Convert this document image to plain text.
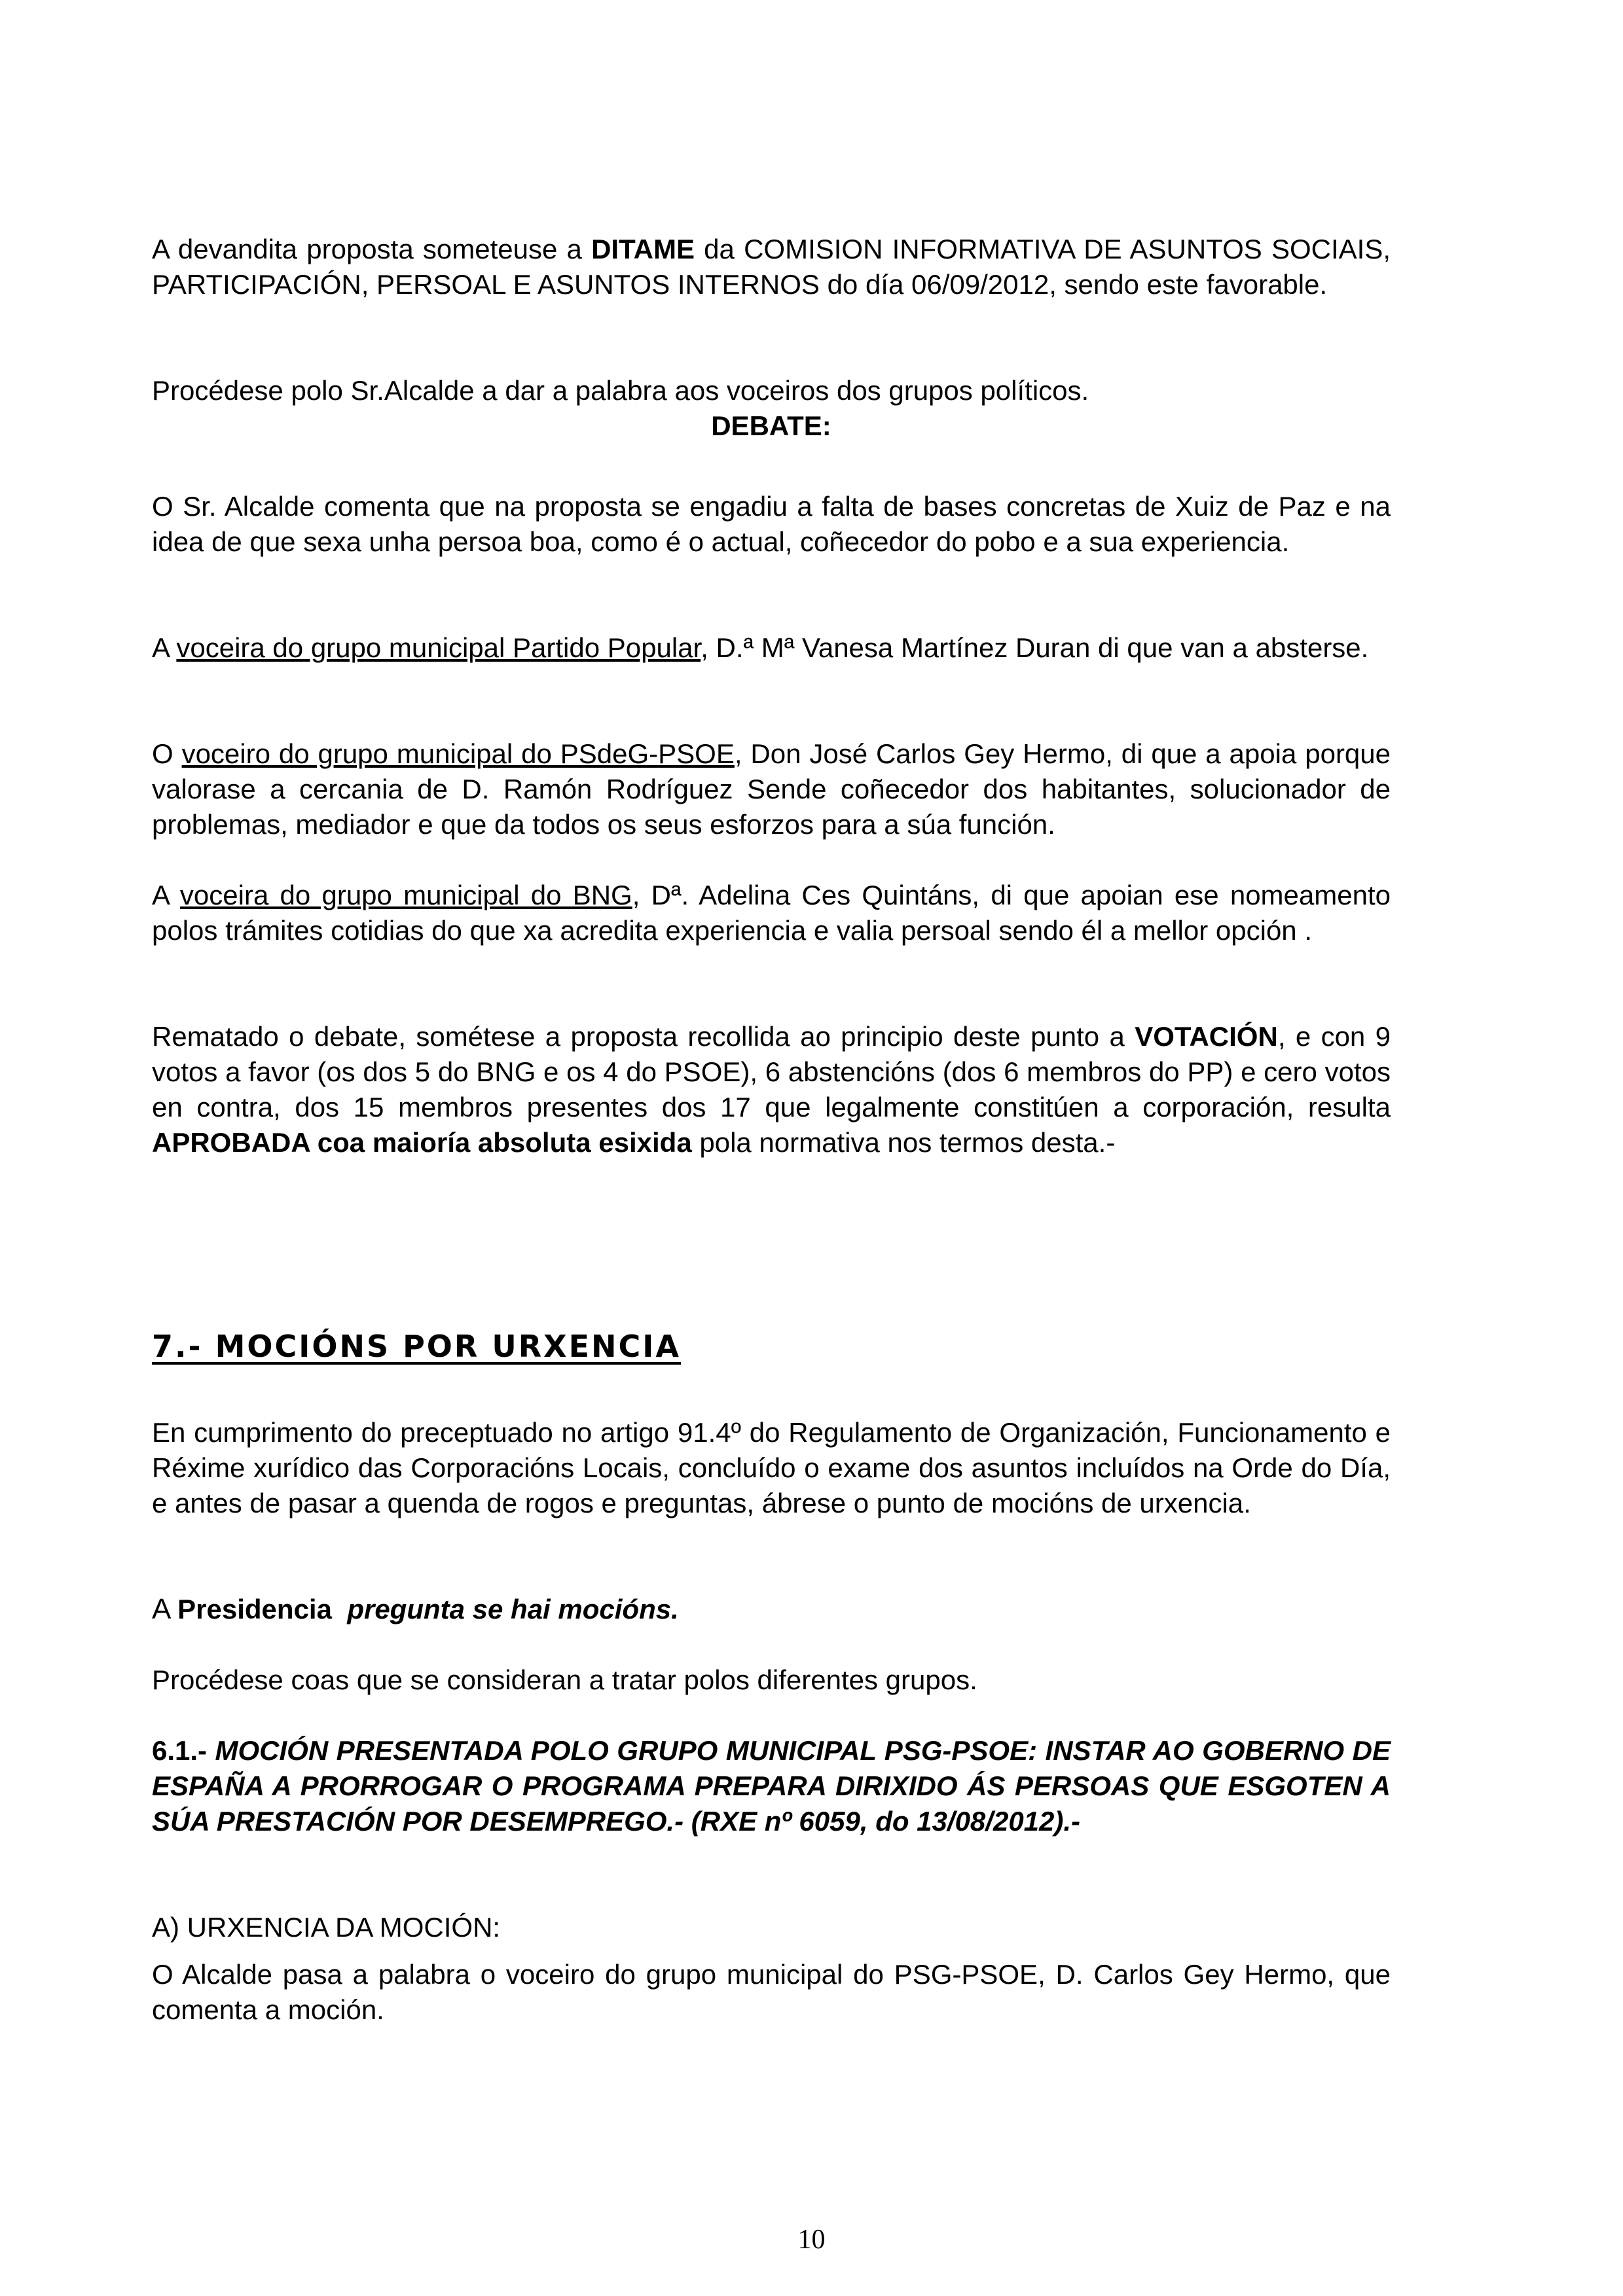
A devandita proposta someteuse a DITAME da COMISION INFORMATIVA DE ASUNTOS SOCIAIS, PARTICIPACIÓN, PERSOAL E ASUNTOS INTERNOS do día 06/09/2012, sendo este favorable.

Procédese polo Sr.Alcalde a dar a palabra aos voceiros dos grupos políticos.

DEBATE:

O Sr. Alcalde comenta que na proposta se engadiu a falta de bases concretas de Xuiz de Paz e na idea de que sexa unha persoa boa, como é o actual, coñecedor do pobo e a sua experiencia.

A voceira do grupo municipal Partido Popular, D.ª Mª Vanesa Martínez Duran di que van a absterse.

O voceiro do grupo municipal do PSdeG-PSOE, Don José Carlos Gey Hermo, di que a apoia porque valorase a cercania de D. Ramón Rodríguez Sende coñecedor dos habitantes, solucionador de problemas, mediador e que da todos os seus esforzos para a súa función.

A voceira do grupo municipal do BNG, Dª. Adelina Ces Quintáns, di que apoian ese nomeamento polos trámites cotidias do que xa acredita experiencia e valia persoal sendo él a mellor opción .

Rematado o debate, sométese a proposta recollida ao principio deste punto a VOTACIÓN, e con 9 votos a favor (os dos 5 do BNG e os 4 do PSOE), 6 abstencións (dos 6 membros do PP) e cero votos en contra, dos 15 membros presentes dos 17 que legalmente constitúen a corporación, resulta APROBADA coa maioría absoluta esixida pola normativa nos termos desta.-

7.- MOCIÓNS POR URXENCIA

En cumprimento do preceptuado no artigo 91.4º do Regulamento de Organización, Funcionamento e Réxime xurídico das Corporacións Locais, concluído o exame dos asuntos incluídos na Orde do Día, e antes de pasar a quenda de rogos e preguntas, ábrese o punto de mocións de urxencia.

A Presidencia pregunta se hai mocións.

Procédese coas que se consideran a tratar polos diferentes grupos.

6.1.- MOCIÓN PRESENTADA POLO GRUPO MUNICIPAL PSG-PSOE: INSTAR AO GOBERNO DE ESPAÑA A PRORROGAR O PROGRAMA PREPARA DIRIXIDO ÁS PERSOAS QUE ESGOTEN A SÚA PRESTACIÓN POR DESEMPREGO.- (RXE nº 6059, do 13/08/2012).-

A) URXENCIA DA MOCIÓN:

O Alcalde pasa a palabra o voceiro do grupo municipal do PSG-PSOE, D. Carlos Gey Hermo, que comenta a moción.

10
